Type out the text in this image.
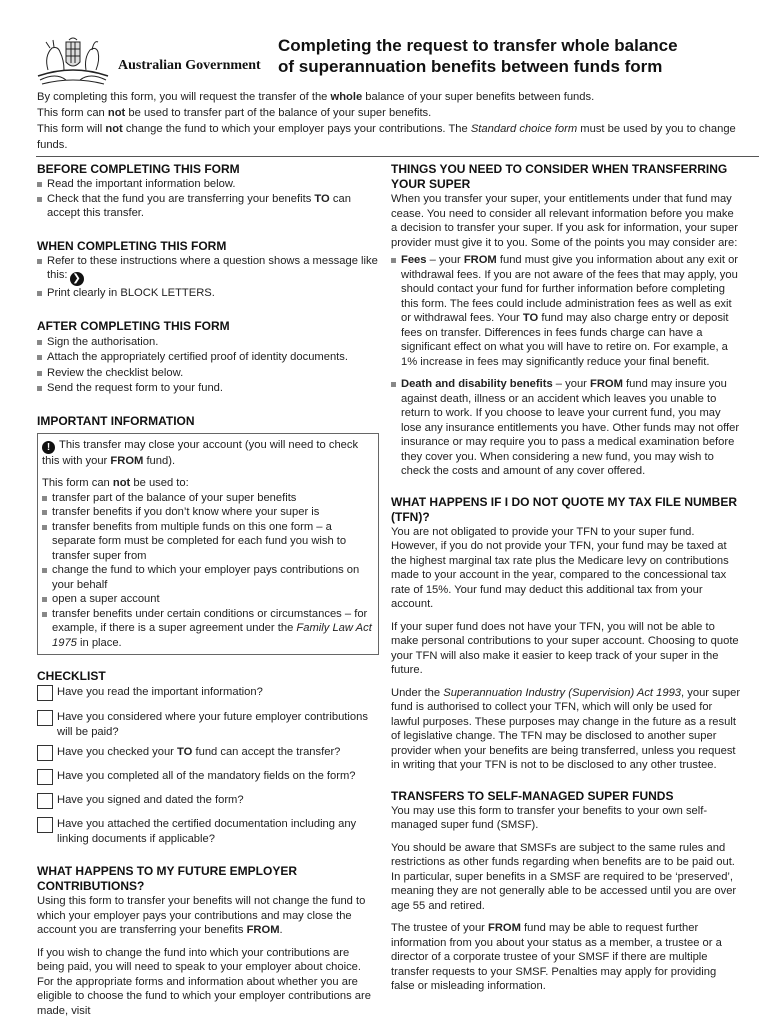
Australian Government
Completing the request to transfer whole balance
of superannuation benefits between funds form

By completing this form, you will request the transfer of the whole balance of your super benefits between funds.

This form can not be used to transfer part of the balance of your super benefits.

This form will not change the fund to which your employer pays your contributions. The Standard choice form must be used by you to change funds.

BEFORE COMPLETING THIS FORM
Read the important information below.
Check that the fund you are transferring your benefits TO can accept this transfer.
WHEN COMPLETING THIS FORM
Refer to these instructions where a question shows a message like this: ❯
Print clearly in BLOCK LETTERS.
AFTER COMPLETING THIS FORM
Sign the authorisation.
Attach the appropriately certified proof of identity documents.
Review the checklist below.
Send the request form to your fund.
IMPORTANT INFORMATION

! This transfer may close your account (you will need to check this with your FROM fund).

This form can not be used to:

transfer part of the balance of your super benefits
transfer benefits if you don’t know where your super is
transfer benefits from multiple funds on this one form – a separate form must be completed for each fund you wish to transfer super from
change the fund to which your employer pays contributions on your behalf
open a super account
transfer benefits under certain conditions or circumstances – for example, if there is a super agreement under the Family Law Act 1975 in place.
CHECKLIST
Have you read the important information?
Have you considered where your future employer contributions will be paid?
Have you checked your TO fund can accept the transfer?
Have you completed all of the mandatory fields on the form?
Have you signed and dated the form?
Have you attached the certified documentation including any linking documents if applicable?
WHAT HAPPENS TO MY FUTURE EMPLOYER CONTRIBUTIONS?

Using this form to transfer your benefits will not change the fund to which your employer pays your contributions and may close the account you are transferring your benefits FROM.

If you wish to change the fund into which your contributions are being paid, you will need to speak to your employer about choice. For the appropriate forms and information about whether you are eligible to choose the fund to which your employer contributions are made, visit

THINGS YOU NEED TO CONSIDER WHEN TRANSFERRING YOUR SUPER

When you transfer your super, your entitlements under that fund may cease. You need to consider all relevant information before you make a decision to transfer your super. If you ask for information, your super provider must give it to you. Some of the points you may consider are:

Fees – your FROM fund must give you information about any exit or withdrawal fees. If you are not aware of the fees that may apply, you should contact your fund for further information before completing this form. The fees could include administration fees as well as exit or withdrawal fees. Your TO fund may also charge entry or deposit fees on transfer. Differences in fees funds charge can have a significant effect on what you will have to retire on. For example, a 1% increase in fees may significantly reduce your final benefit.
Death and disability benefits – your FROM fund may insure you against death, illness or an accident which leaves you unable to return to work. If you choose to leave your current fund, you may lose any insurance entitlements you have. Other funds may not offer insurance or may require you to pass a medical examination before they cover you. When considering a new fund, you may wish to check the costs and amount of any cover offered.
WHAT HAPPENS IF I DO NOT QUOTE MY TAX FILE NUMBER (TFN)?

You are not obligated to provide your TFN to your super fund. However, if you do not provide your TFN, your fund may be taxed at the highest marginal tax rate plus the Medicare levy on contributions made to your account in the year, compared to the concessional tax rate of 15%. Your fund may deduct this additional tax from your account.

If your super fund does not have your TFN, you will not be able to make personal contributions to your super account. Choosing to quote your TFN will also make it easier to keep track of your super in the future.

Under the Superannuation Industry (Supervision) Act 1993, your super fund is authorised to collect your TFN, which will only be used for lawful purposes. These purposes may change in the future as a result of legislative change. The TFN may be disclosed to another super provider when your benefits are being transferred, unless you request in writing that your TFN is not to be disclosed to any other trustee.

TRANSFERS TO SELF-MANAGED SUPER FUNDS

You may use this form to transfer your benefits to your own self-managed super fund (SMSF).

You should be aware that SMSFs are subject to the same rules and restrictions as other funds regarding when benefits are to be paid out. In particular, super benefits in a SMSF are required to be ‘preserved’, meaning they are not generally able to be accessed until you are over age 55 and retired.

The trustee of your FROM fund may be able to request further information from you about your status as a member, a trustee or a director of a corporate trustee of your SMSF if there are multiple transfer requests to your SMSF. Penalties may apply for providing false or misleading information.
